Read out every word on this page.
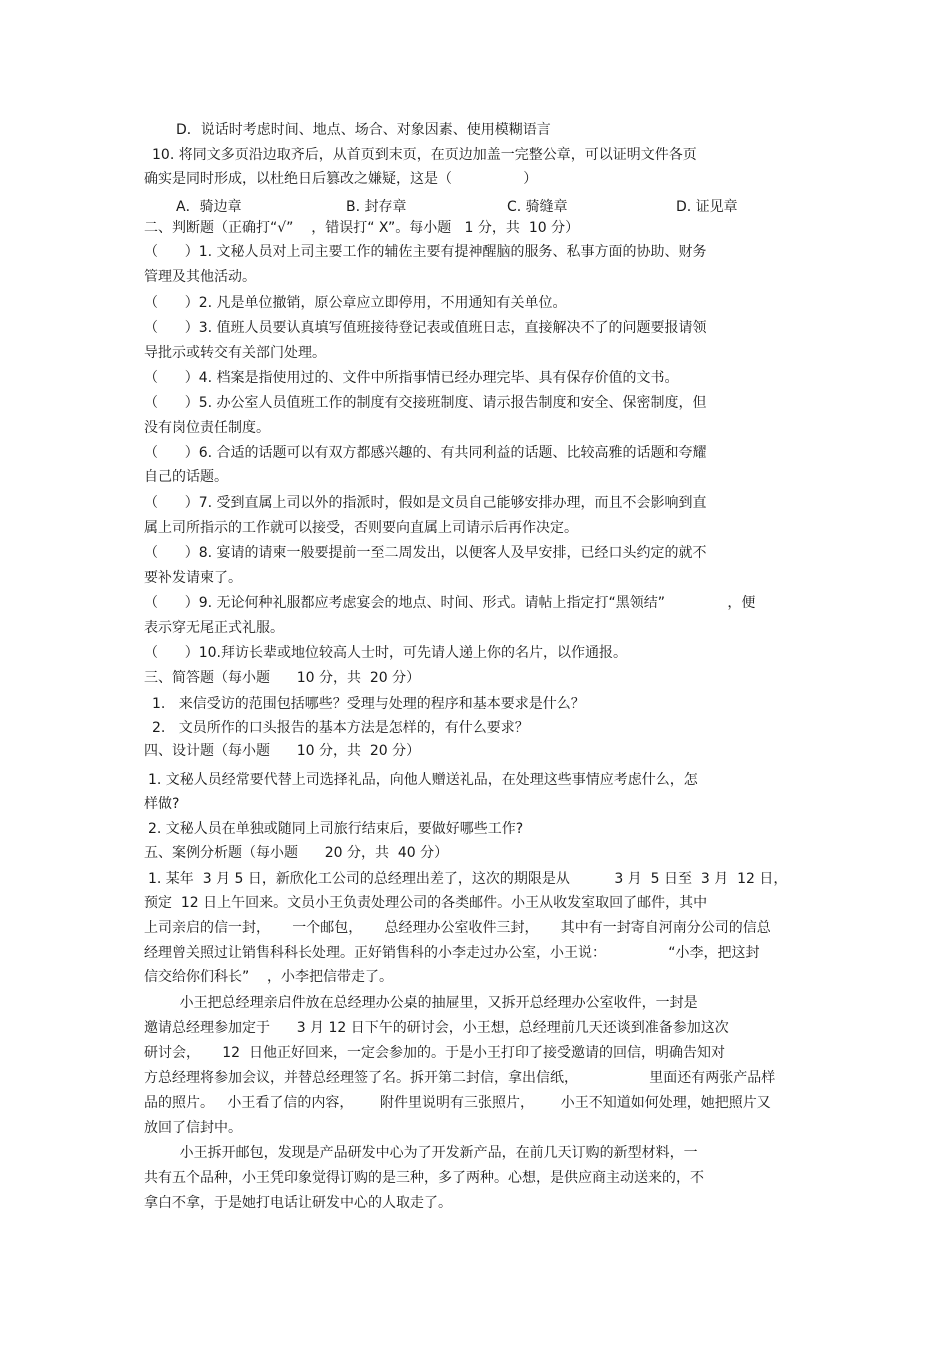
D．说话时考虑时间、地点、场合、对象因素、使用模糊语言
10. 将同文多页沿边取齐后，从首页到末页，在页边加盖一完整公章，可以证明文件各页
确实是同时形成，以杜绝日后篡改之嫌疑，这是（                ）
A．骑边章	B. 封存章	C. 骑缝章	D. 证见章
二、判断题（正确打“√”    ，错误打“ X”。每小题   1 分，共  10 分）
（      ）1. 文秘人员对上司主要工作的辅佐主要有提神醒脑的服务、私事方面的协助、财务
管理及其他活动。
（      ）2. 凡是单位撤销，原公章应立即停用，不用通知有关单位。
（      ）3. 值班人员要认真填写值班接待登记表或值班日志，直接解决不了的问题要报请领
导批示或转交有关部门处理。
（      ）4. 档案是指使用过的、文件中所指事情已经办理完毕、具有保存价值的文书。
（      ）5. 办公室人员值班工作的制度有交接班制度、请示报告制度和安全、保密制度，但
没有岗位责任制度。
（      ）6. 合适的话题可以有双方都感兴趣的、有共同利益的话题、比较高雅的话题和夸耀
自己的话题。
（      ）7. 受到直属上司以外的指派时，假如是文员自己能够安排办理，而且不会影响到直
属上司所指示的工作就可以接受，否则要向直属上司请示后再作决定。
（      ）8. 宴请的请柬一般要提前一至二周发出，以便客人及早安排，已经口头约定的就不
要补发请柬了。
（      ）9. 无论何种礼服都应考虑宴会的地点、时间、形式。请帖上指定打“黑领结”              ，便
表示穿无尾正式礼服。
（      ）10.拜访长辈或地位较高人士时，可先请人递上你的名片，以作通报。
三、简答题（每小题      10 分，共  20 分）
1.   来信受访的范围包括哪些？受理与处理的程序和基本要求是什么？
2.   文员所作的口头报告的基本方法是怎样的，有什么要求？
四、设计题（每小题      10 分，共  20 分）
1. 文秘人员经常要代替上司选择礼品，向他人赠送礼品，在处理这些事情应考虑什么，怎
样做?
2. 文秘人员在单独或随同上司旅行结束后，要做好哪些工作?
五、案例分析题（每小题      20 分，共  40 分）
1. 某年  3 月 5 日，新欣化工公司的总经理出差了，这次的期限是从          3 月  5 日至  3 月  12 日，
预定  12 日上午回来。文员小王负责处理公司的各类邮件。小王从收发室取回了邮件，其中
上司亲启的信一封，     一个邮包，     总经理办公室收件三封，     其中有一封寄自河南分公司的信总
经理曾关照过让销售科科长处理。正好销售科的小李走过办公室，小王说：              “小李，把这封
信交给你们科长”    ，小李把信带走了。
小王把总经理亲启件放在总经理办公桌的抽屉里，又拆开总经理办公室收件，一封是
邀请总经理参加定于      3 月 12 日下午的研讨会，小王想，总经理前几天还谈到准备参加这次
研讨会，     12  日他正好回来，一定会参加的。于是小王打印了接受邀请的回信，明确告知对
方总经理将参加会议，并替总经理签了名。拆开第二封信，拿出信纸，                里面还有两张产品样
品的照片。   小王看了信的内容，      附件里说明有三张照片，      小王不知道如何处理，她把照片又
放回了信封中。
小王拆开邮包，发现是产品研发中心为了开发新产品，在前几天订购的新型材料，一
共有五个品种，小王凭印象觉得订购的是三种，多了两种。心想，是供应商主动送来的，不
拿白不拿，于是她打电话让研发中心的人取走了。
